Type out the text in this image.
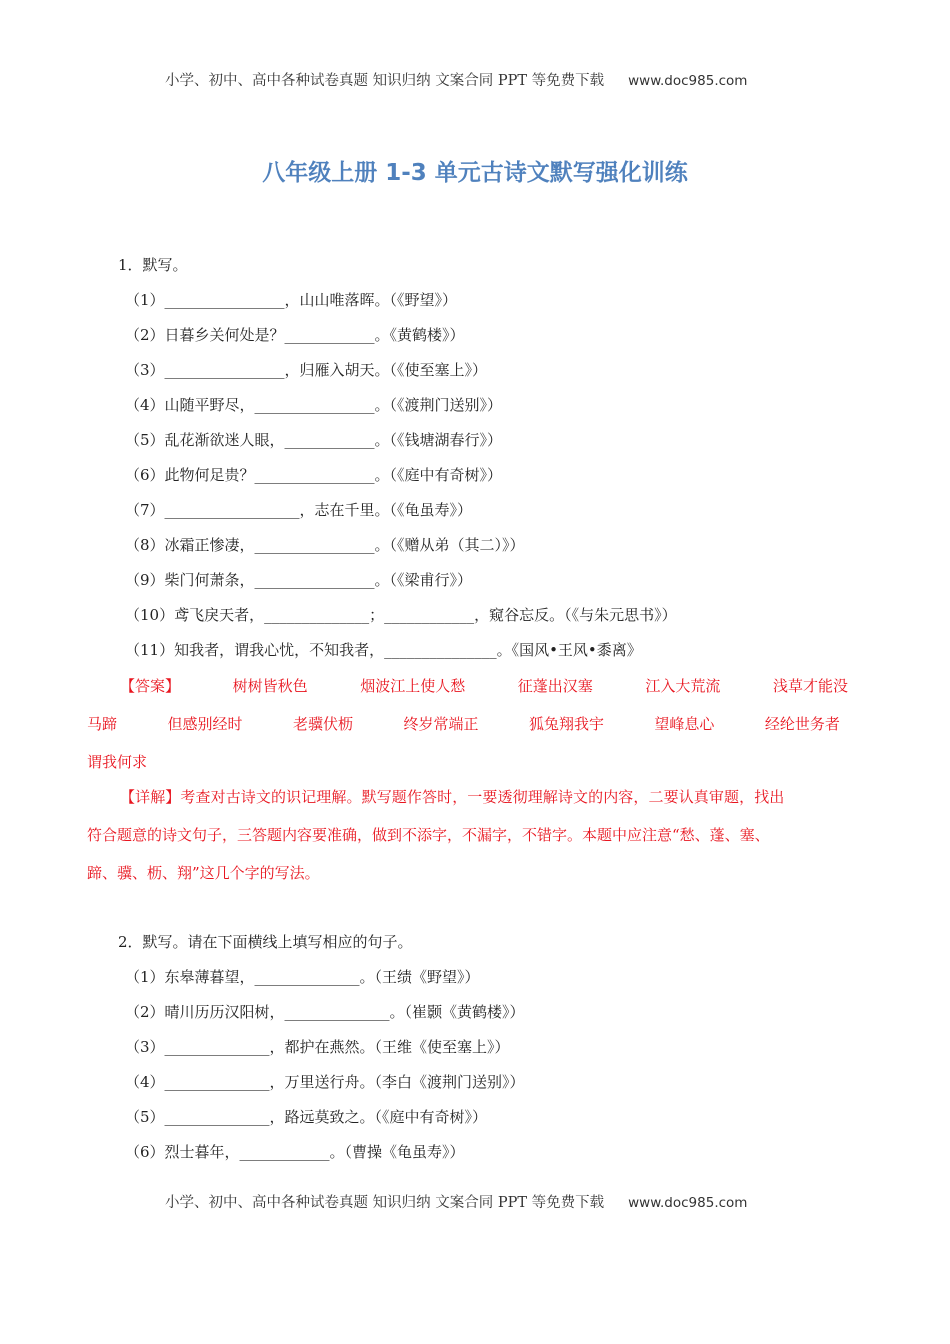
小学、初中、高中各种试卷真题 知识归纳 文案合同 PPT 等免费下载 www.doc985.com
八年级上册 1-3 单元古诗文默写强化训练
1．默写。
（1）________________，山山唯落晖。（《野望》）
（2）日暮乡关何处是？____________。《黄鹤楼》）
（3）________________，归雁入胡天。（《使至塞上》）
（4）山随平野尽，________________。（《渡荆门送别》）
（5）乱花渐欲迷人眼，____________。（《钱塘湖春行》）
（6）此物何足贵？________________。（《庭中有奇树》）
（7）__________________，志在千里。（《龟虽寿》）
（8）冰霜正惨凄，________________。（《赠从弟（其二）》）
（9）柴门何萧条，________________。（《梁甫行》）
（10）鸢飞戾天者，______________；____________，窥谷忘反。（《与朱元思书》）
（11）知我者，谓我心忧，不知我者，_______________。《国风•王风•黍离》
【答案】	树树皆秋色	烟波江上使人愁	征蓬出汉塞	江入大荒流	浅草才能没
马蹄	但感别经时	老骥伏枥	终岁常端正	狐兔翔我宇	望峰息心	经纶世务者
谓我何求
【详解】考查对古诗文的识记理解。默写题作答时，一要透彻理解诗文的内容，二要认真审题，找出
符合题意的诗文句子，三答题内容要准确，做到不添字，不漏字，不错字。本题中应注意“愁、蓬、塞、
蹄、骥、枥、翔”这几个字的写法。
2．默写。请在下面横线上填写相应的句子。
（1）东皋薄暮望，______________。（王绩《野望》）
（2）晴川历历汉阳树，______________。（崔颢《黄鹤楼》）
（3）______________，都护在燕然。（王维《使至塞上》）
（4）______________，万里送行舟。（李白《渡荆门送别》）
（5）______________，路远莫致之。（《庭中有奇树》）
（6）烈士暮年，____________。（曹操《龟虽寿》）
小学、初中、高中各种试卷真题 知识归纳 文案合同 PPT 等免费下载 www.doc985.com
